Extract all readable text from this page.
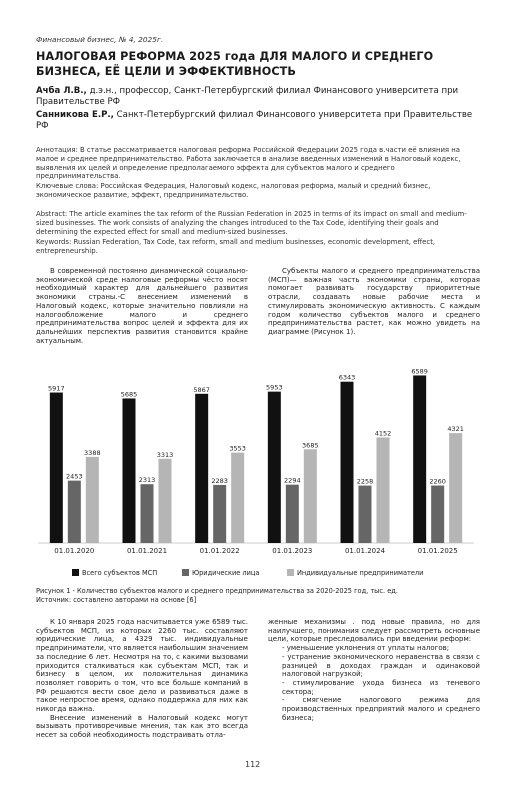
Финансовый бизнес, № 4, 2025г.
НАЛОГОВАЯ РЕФОРМА 2025 года ДЛЯ МАЛОГО И СРЕДНЕГО БИЗНЕСА, ЕЁ ЦЕЛИ И ЭФФЕКТИВНОСТЬ
Ачба Л.В., д.э.н., профессор, Санкт-Петербургский филиал Финансового университета при Правительстве РФ
Санникова Е.Р., Санкт-Петербургский филиал Финансового университета при Правительстве РФ
Аннотация: В статье рассматривается налоговая реформа Российской Федерации 2025 года в.части её влияния на малое и среднее предпринимательство. Работа заключается в анализе введенных изменений в Налоговый кодекс, выявления их целей и определение предполагаемого эффекта для субъектов малого и среднего предпринимательства.
Ключевые слова: Российская Федерация, Налоговый кодекс, налоговая реформа, малый и средний бизнес, экономическое развитие, эффект, предпринимательство.
Abstract: The article examines the tax reform of the Russian Federation in 2025 in terms of its impact on small and medium-sized businesses. The work consists of analyzing the changes introduced to the Tax Code, identifying their goals and determining the expected effect for small and medium-sized businesses.
Keywords: Russian Federation, Tax Code, tax reform, small and medium businesses, economic development, effect, entrepreneurship.

В современной постоянно динамической социально-экономической среде налоговые реформы чёсто носят необходимый характер для дальнейшего развития экономики страны.-С внесением изменений в Налоговый кодекс, которые значительно повлияли на налогообложение малого и среднего предпринимательства вопрос целей и эффекта для их дальнейших перспектив развития становится крайне актуальным.

Субъекты малого и среднего предпринимательства (МСП)— важная часть экономики страны, которая помогает развивать государству приоритетные отрасли, создавать новые рабочие места и стимулировать экономическую активность. С каждым годом количество субъектов малого и среднего предпринимательства растет, как можно увидеть на диаграмме (Рисунок 1).

5917
2453
3388
01.01.2020
5685
2313
3313
01.01.2021
5867
2283
3553
01.01.2022
5953
2294
3685
01.01.2023
6343
2258
4152
01.01.2024
6589
2260
4321
01.01.2025
Всего субъектов МСП	Юридические лица	Индивидуальные предприниматели
Рисунок 1 - Количество субъектов малого и среднего предпринимательства за 2020-2025 год, тыс. ед.
Источник: составлено авторами на основе [6]

К 10 января 2025 года насчитывается уже 6589 тыс. субъектов МСП, из которых 2260 тыс. составляют юридические лица, а 4329 тыс. индивидуальные предприниматели, что является наибольшим значением за последние 6 лет. Несмотря на то, с какими вызовами приходится сталкиваться как субъектам МСП, так и бизнесу в целом, их положительная динамика позволяет говорить о том, что все больше компаний в РФ решаются вести свое дело и развиваться даже в такое непростое время, однако поддержка для них как никогда важна.

Внесение изменений в Налоговый кодекс могут вызывать противоречивые мнения, так как это всегда несет за собой необходимость подстраивать отла-

женные механизмы . под новые правила, но для наилучшего, понимания следует рассмотреть основные цели, которые преследовались при введении реформ:

- уменьшение уклонения от уплаты налогов;

- устранение экономического неравенства в связи с разницей в доходах граждан и одинаковой налоговой нагрузкой;

- стимулирование ухода бизнеса из теневого сектора;

- смягчение налогового режима для производственных предприятий малого и среднего бизнеса;

112
